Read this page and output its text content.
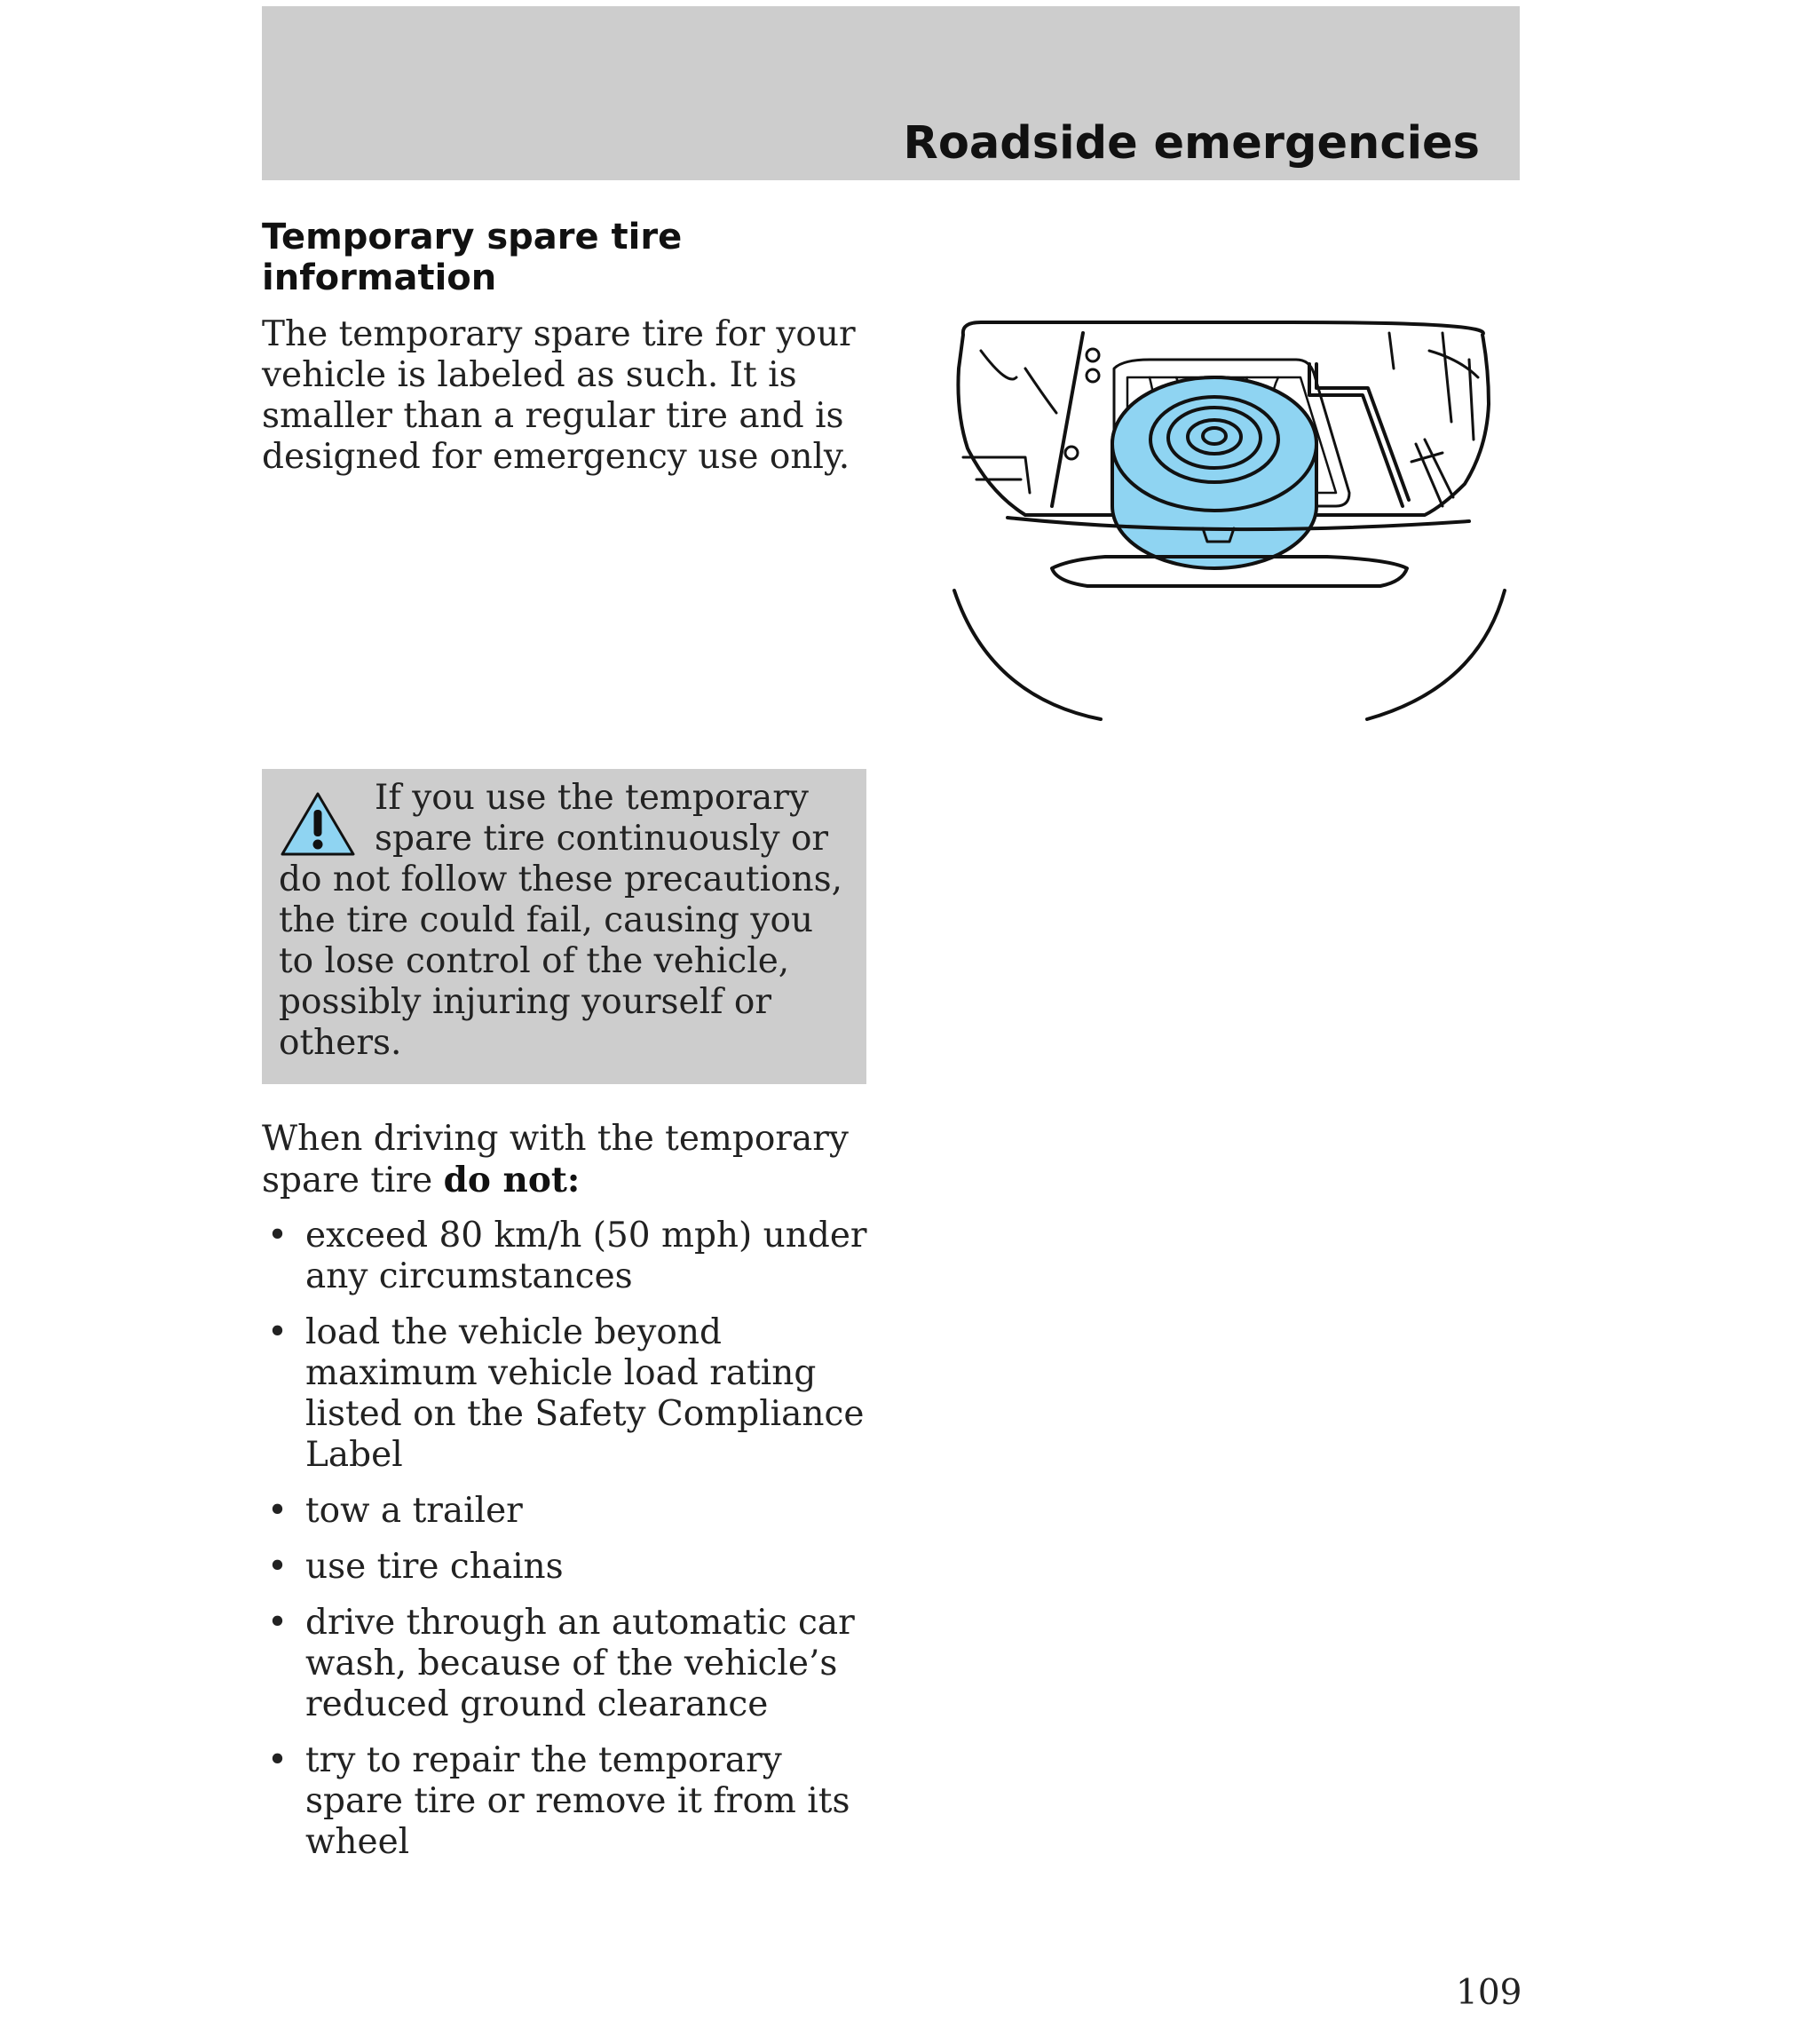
Roadside emergencies
Temporary spare tire information
The temporary spare tire for your vehicle is labeled as such. It is smaller than a regular tire and is designed for emergency use only.
If you use the temporary spare tire continuously or do not follow these precautions, the tire could fail, causing you to lose control of the vehicle, possibly injuring yourself or others.
When driving with the temporary spare tire do not:
• exceed 80 km/h (50 mph) under any circumstances
• load the vehicle beyond maximum vehicle load rating listed on the Safety Compliance Label
• tow a trailer
• use tire chains
• drive through an automatic car wash, because of the vehicle’s reduced ground clearance
• try to repair the temporary spare tire or remove it from its wheel
109
